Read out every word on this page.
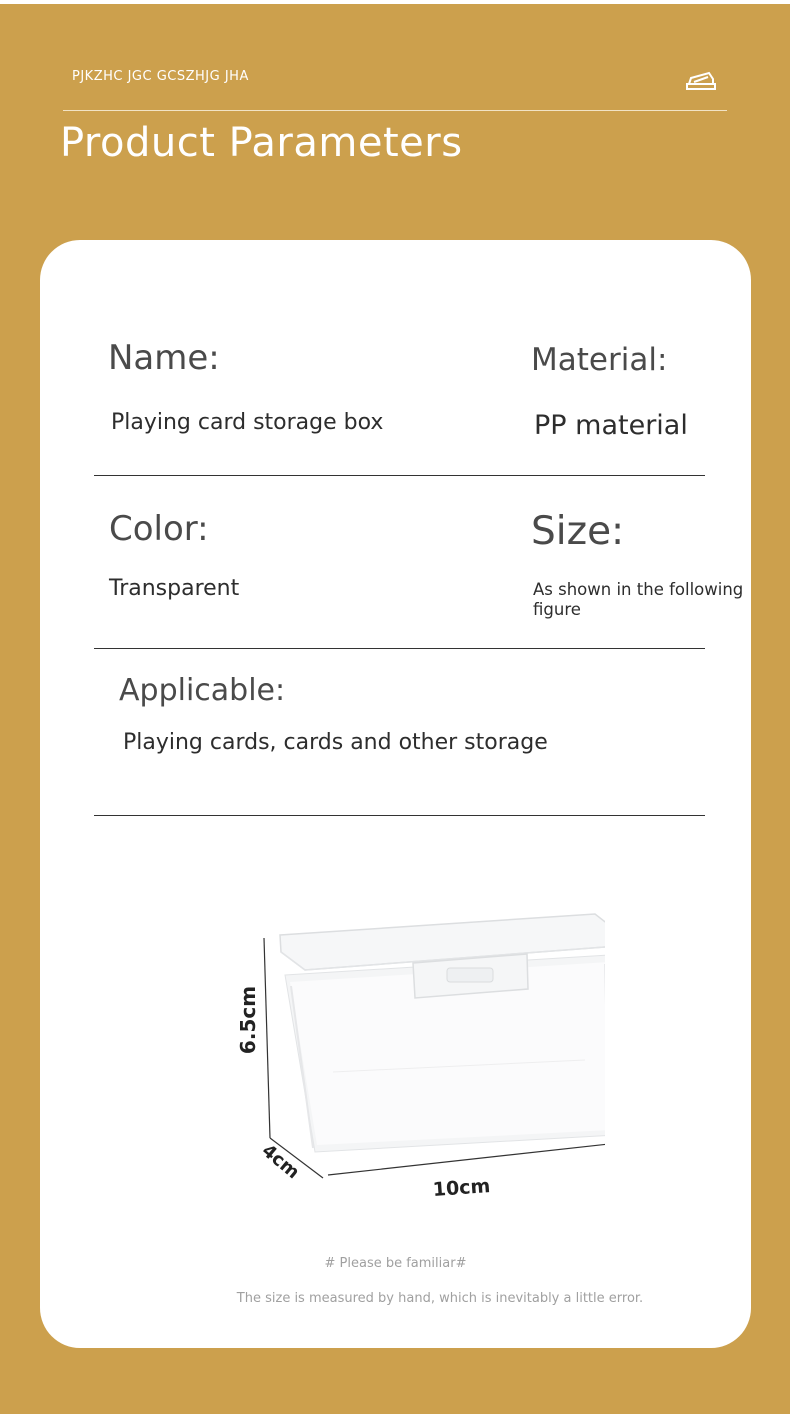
PJKZHC JGC GCSZHJG JHA
Product Parameters
Name:
Playing card storage box
Material:
PP material
Color:
Transparent
Size:
As shown in the following figure
Applicable:
Playing cards, cards and other storage
6.5cm
10cm
4cm
# Please be familiar#
The size is measured by hand, which is inevitably a little error.
